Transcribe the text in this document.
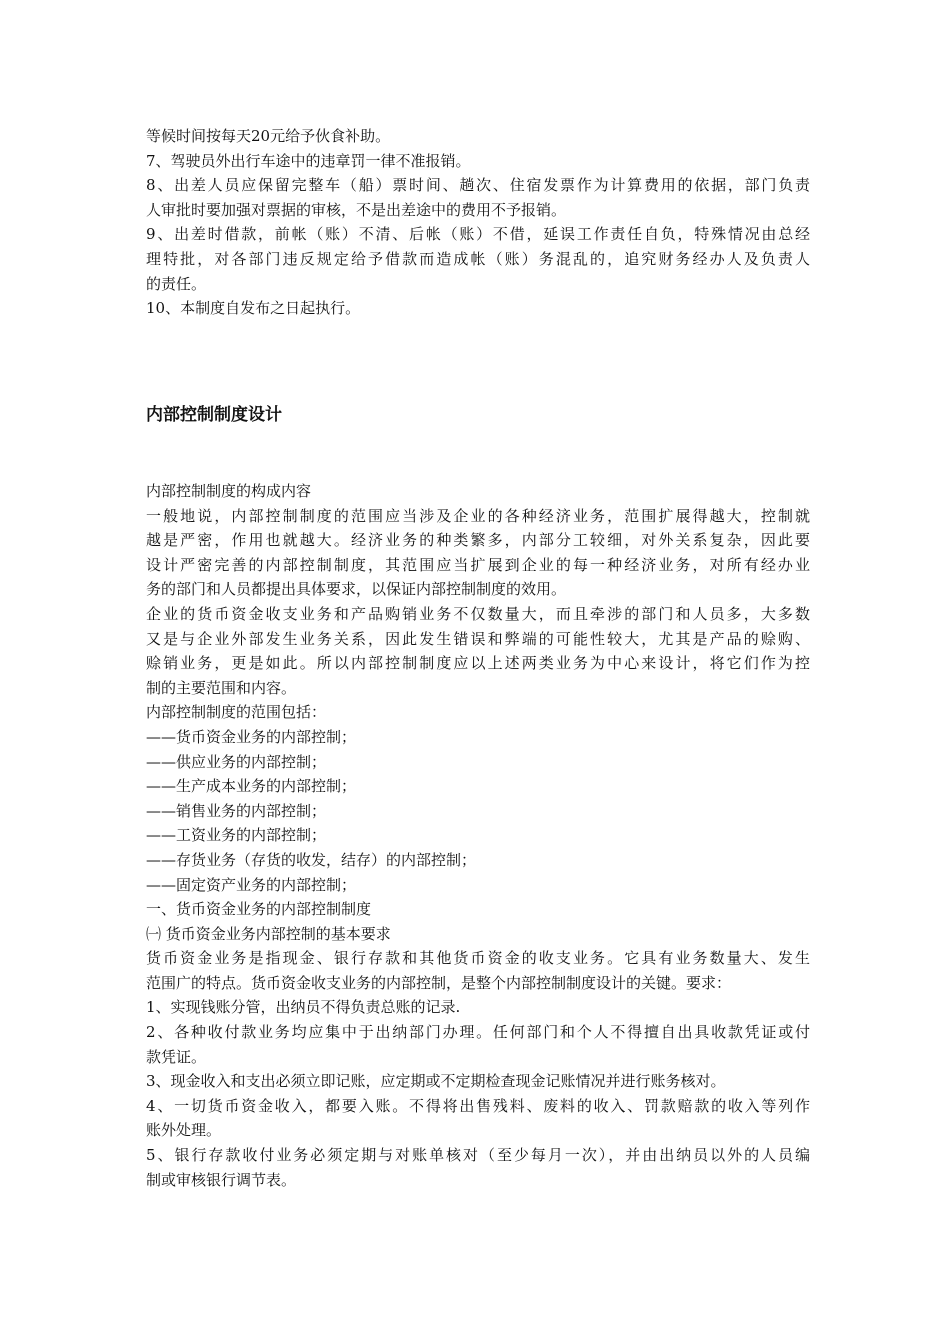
等候时间按每天20元给予伙食补助。
7、驾驶员外出行车途中的违章罚一律不准报销。
8、出差人员应保留完整车（船）票时间、趟次、住宿发票作为计算费用的依据，部门负责
人审批时要加强对票据的审核，不是出差途中的费用不予报销。
9、出差时借款，前帐（账）不清、后帐（账）不借，延误工作责任自负，特殊情况由总经
理特批，对各部门违反规定给予借款而造成帐（账）务混乱的，追究财务经办人及负责人
的责任。
10、本制度自发布之日起执行。
内部控制制度设计
内部控制制度的构成内容
一般地说，内部控制制度的范围应当涉及企业的各种经济业务，范围扩展得越大，控制就
越是严密，作用也就越大。经济业务的种类繁多，内部分工较细，对外关系复杂，因此要
设计严密完善的内部控制制度，其范围应当扩展到企业的每一种经济业务，对所有经办业
务的部门和人员都提出具体要求，以保证内部控制制度的效用。
企业的货币资金收支业务和产品购销业务不仅数量大，而且牵涉的部门和人员多，大多数
又是与企业外部发生业务关系，因此发生错误和弊端的可能性较大，尤其是产品的赊购、
赊销业务，更是如此。所以内部控制制度应以上述两类业务为中心来设计，将它们作为控
制的主要范围和内容。
内部控制制度的范围包括：
——货币资金业务的内部控制；
——供应业务的内部控制；
——生产成本业务的内部控制；
——销售业务的内部控制；
——工资业务的内部控制；
——存货业务（存货的收发，结存）的内部控制；
——固定资产业务的内部控制；
一、货币资金业务的内部控制制度
㈠ 货币资金业务内部控制的基本要求
货币资金业务是指现金、银行存款和其他货币资金的收支业务。它具有业务数量大、发生
范围广的特点。货币资金收支业务的内部控制，是整个内部控制制度设计的关键。要求：
1、实现钱账分管，出纳员不得负责总账的记录.
2、各种收付款业务均应集中于出纳部门办理。任何部门和个人不得擅自出具收款凭证或付
款凭证。
3、现金收入和支出必须立即记账，应定期或不定期检查现金记账情况并进行账务核对。
4、一切货币资金收入，都要入账。不得将出售残料、废料的收入、罚款赔款的收入等列作
账外处理。
5、银行存款收付业务必须定期与对账单核对（至少每月一次），并由出纳员以外的人员编
制或审核银行调节表。
